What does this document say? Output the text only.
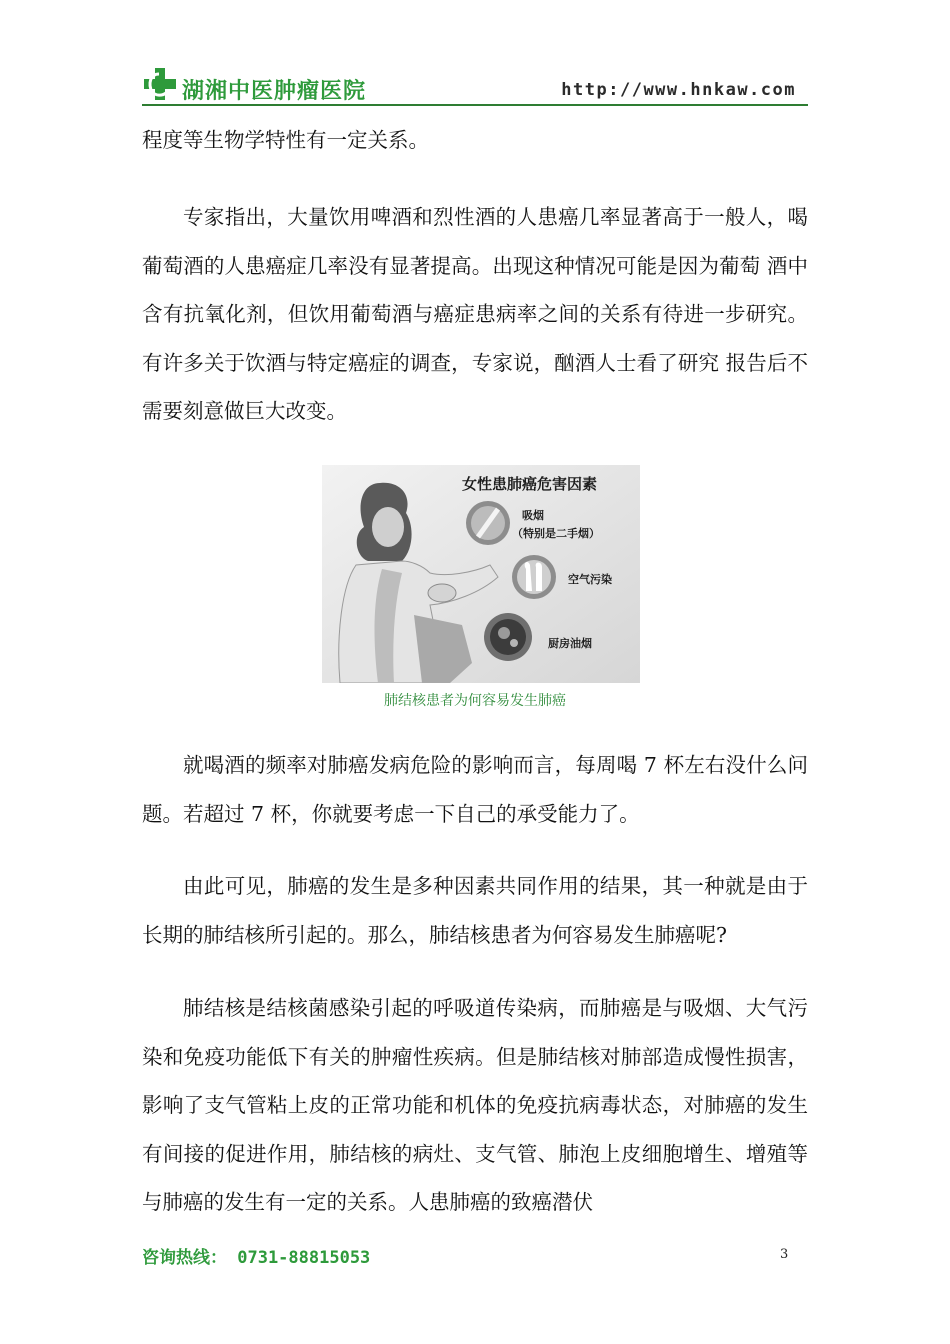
湖湘中医肿瘤医院	http://www.hnkaw.com

程度等生物学特性有一定关系。

专家指出，大量饮用啤酒和烈性酒的人患癌几率显著高于一般人，喝葡萄酒的人患癌症几率没有显著提高。出现这种情况可能是因为葡萄 酒中含有抗氧化剂，但饮用葡萄酒与癌症患病率之间的关系有待进一步研究。有许多关于饮酒与特定癌症的调查，专家说，酗酒人士看了研究 报告后不需要刻意做巨大改变。

女性患肺癌危害因素
吸烟
（特别是二手烟）
空气污染
厨房油烟
肺结核患者为何容易发生肺癌

就喝酒的频率对肺癌发病危险的影响而言，每周喝 7 杯左右没什么问题。若超过 7 杯，你就要考虑一下自己的承受能力了。

由此可见，肺癌的发生是多种因素共同作用的结果，其一种就是由于长期的肺结核所引起的。那么，肺结核患者为何容易发生肺癌呢?

肺结核是结核菌感染引起的呼吸道传染病，而肺癌是与吸烟、大气污染和免疫功能低下有关的肿瘤性疾病。但是肺结核对肺部造成慢性损害，影响了支气管粘上皮的正常功能和机体的免疫抗病毒状态，对肺癌的发生有间接的促进作用，肺结核的病灶、支气管、肺泡上皮细胞增生、增殖等与肺癌的发生有一定的关系。人患肺癌的致癌潜伏

咨询热线： 0731-88815053	3
